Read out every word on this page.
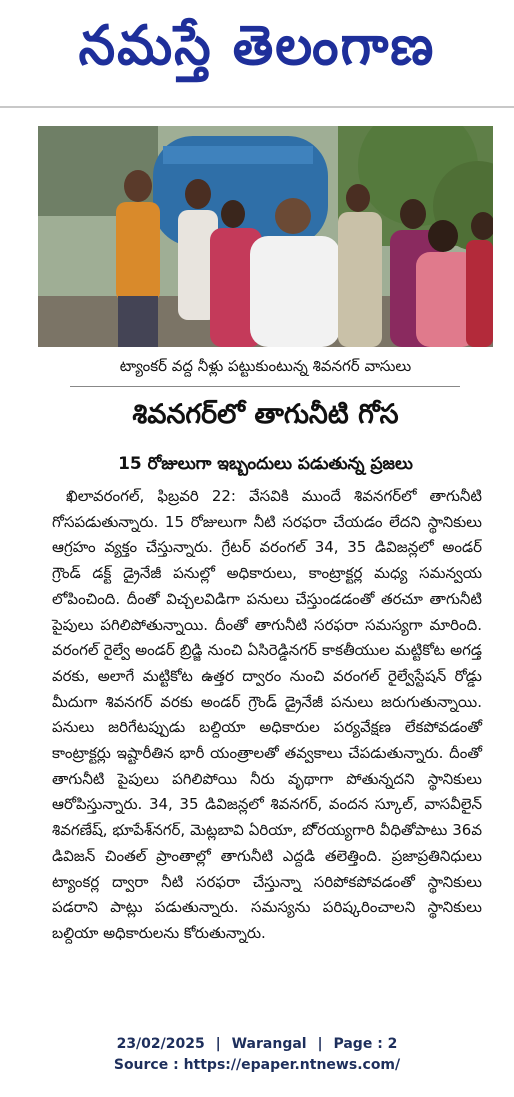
నమస్తే తెలంగాణ
ట్యాంకర్ వద్ద నీళ్లు పట్టుకుంటున్న శివనగర్ వాసులు
శివనగర్‌లో తాగునీటి గోస
15 రోజులుగా ఇబ్బందులు పడుతున్న ప్రజలు

ఖిలావరంగల్, ఫిబ్రవరి 22: వేసవికి ముందే శివనగర్‌లో తాగునీటి గోసపడుతున్నారు. 15 రోజులుగా నీటి సరఫరా చేయడం లేదని స్థానికులు ఆగ్రహం వ్యక్తం చేస్తున్నారు. గ్రేటర్ వరంగల్ 34, 35 డివిజన్లలో అండర్ గ్రౌండ్ డక్ట్ డ్రైనేజీ పనుల్లో అధికారులు, కాంట్రాక్టర్ల మధ్య సమన్వయ లోపించింది. దీంతో విచ్చలవిడిగా పనులు చేస్తుండడంతో తరచూ తాగునీటి పైపులు పగిలిపోతున్నాయి. దీంతో తాగునీటి సరఫరా సమస్యగా మారింది. వరంగల్ రైల్వే అండర్ బ్రిడ్జి నుంచి ఏసిరెడ్డినగర్ కాకతీయుల మట్టికోట అగడ్త వరకు, అలాగే మట్టికోట ఉత్తర ద్వారం నుంచి వరంగల్ రైల్వేస్టేషన్ రోడ్డు మీదుగా శివనగర్ వరకు అండర్ గ్రౌండ్ డ్రైనేజీ పనులు జరుగుతున్నాయి. పనులు జరిగేటప్పుడు బల్దియా అధికారుల పర్యవేక్షణ లేకపోవడంతో కాంట్రాక్టర్లు ఇష్టారీతిన భారీ యంత్రాలతో తవ్వకాలు చేపడుతున్నారు. దీంతో తాగునీటి పైపులు పగిలిపోయి నీరు వృథాగా పోతున్నదని స్థానికులు ఆరోపిస్తున్నారు. 34, 35 డివిజన్లలో శివనగర్, వందన స్కూల్, వాసవీలైన్ శివగణేష్, భూపేశ్‌నగర్, మెట్లబావి ఏరియా, బొ్రయ్యగారి వీధితోపాటు 36వ డివిజన్ చింతల్ ప్రాంతాల్లో తాగునీటి ఎద్దడి తలెత్తింది. ప్రజాప్రతినిధులు ట్యాంకర్ల ద్వారా నీటి సరఫరా చేస్తున్నా సరిపోకపోవడంతో స్థానికులు పడరాని పాట్లు పడుతున్నారు. సమస్యను పరిష్కరించాలని స్థానికులు బల్దియా అధికారులను కోరుతున్నారు.

23/02/2025 | Warangal | Page : 2
Source : https://epaper.ntnews.com/
